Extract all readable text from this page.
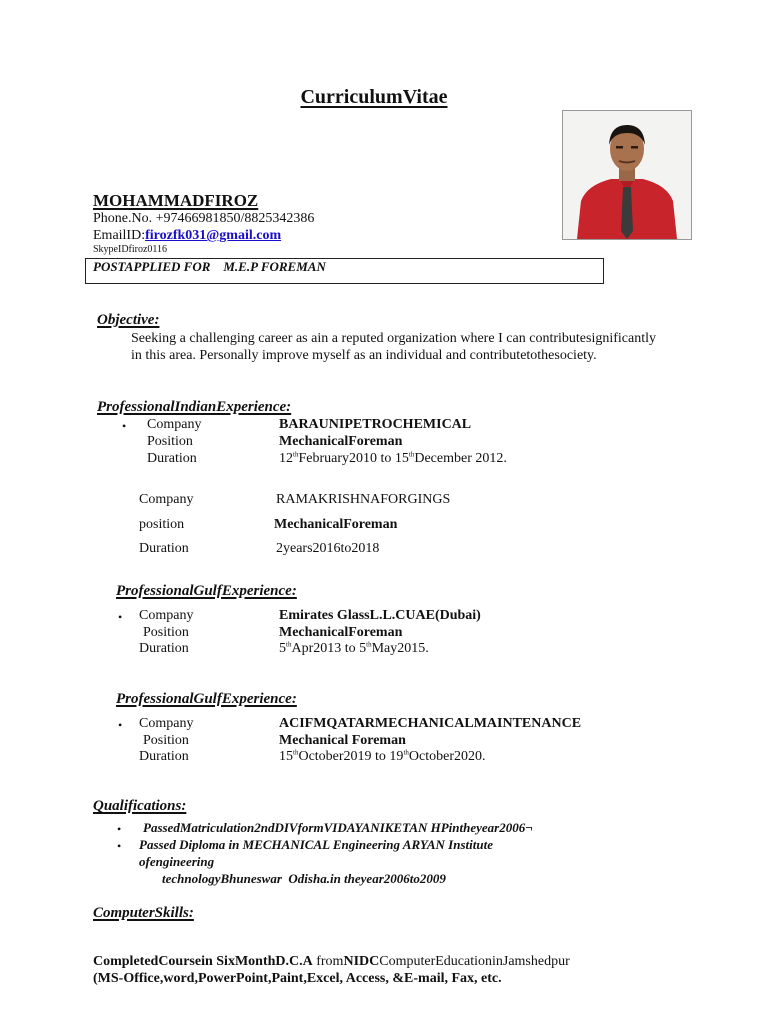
CurriculumVitae
MOHAMMADFIROZ
Phone.No. +97466981850/8825342386
EmailID:firozfk031@gmail.com
SkypeIDfiroz0116
POSTAPPLIED FOR    M.E.P FOREMAN
Objective:
Seeking a challenging career as ain a reputed organization where I can contributesignificantly in this area. Personally improve myself as an individual and contributetothesociety.
ProfessionalIndianExperience:
• Company	BARAUNIPETROCHEMICAL
Position	MechanicalForeman
Duration	12thFebruary2010 to 15thDecember 2012.
Company	RAMAKRISHNAFORGINGS
position	MechanicalForeman
Duration	2years2016to2018
ProfessionalGulfExperience:
• Company	Emirates GlassL.L.CUAE(Dubai)
Position	MechanicalForeman
Duration	5thApr2013 to 5thMay2015.
ProfessionalGulfExperience:
• Company	ACIFMQATARMECHANICALMAINTENANCE
Position	Mechanical Foreman
Duration	15thOctober2019 to 19thOctober2020.
Qualifications:
• PassedMatriculation2ndDIVformVIDAYANIKETAN HPintheyear2006¬
• Passed Diploma in MECHANICAL Engineering ARYAN Institute
ofengineering
technologyBhuneswar  Odisha.in theyear2006to2009
ComputerSkills:
CompletedCoursein SixMonthD.C.A fromNIDCComputerEducationinJamshedpur
(MS-Office,word,PowerPoint,Paint,Excel, Access, &E-mail, Fax, etc.
